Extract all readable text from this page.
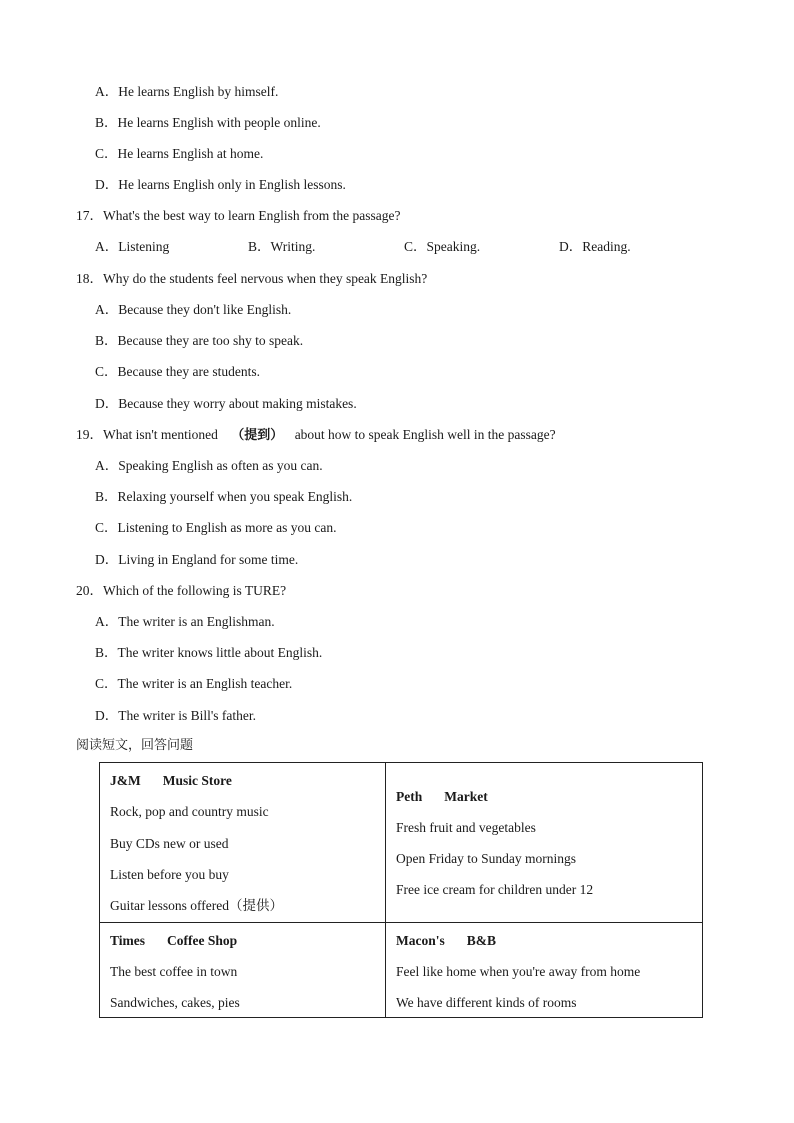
A．He learns English by himself.
B．He learns English with people online.
C．He learns English at home.
D．He learns English only in English lessons.
17．What's the best way to learn English from the passage?
A．Listening	B．Writing.	C．Speaking.	D．Reading.
18．Why do the students feel nervous when they speak English?
A．Because they don't like English.
B．Because they are too shy to speak.
C．Because they are students.
D．Because they worry about making mistakes.
19．What isn't mentioned （提到） about how to speak English well in the passage?
A．Speaking English as often as you can.
B．Relaxing yourself when you speak English.
C．Listening to English as more as you can.
D．Living in England for some time.
20．Which of the following is TURE?
A．The writer is an Englishman.
B．The writer knows little about English.
C．The writer is an English teacher.
D．The writer is Bill's father.
阅读短文，回答问题
J&M Music Store
Rock, pop and country music
Buy CDs new or used
Listen before you buy
Guitar lessons offered（提供）
Peth Market
Fresh fruit and vegetables
Open Friday to Sunday mornings
Free ice cream for children under 12
Times Coffee Shop
The best coffee in town
Sandwiches, cakes, pies
Macon's B&B
Feel like home when you're away from home
We have different kinds of rooms
